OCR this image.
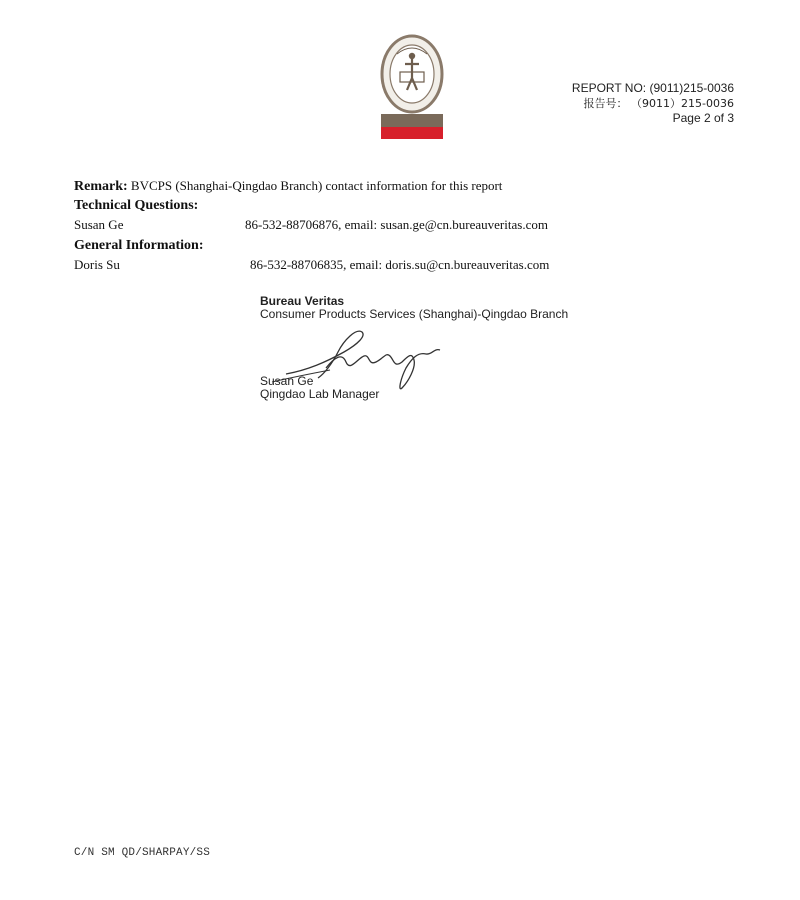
REPORT NO: (9011)215-0036
报告号： （9011）215-0036
Page 2 of 3
Remark: BVCPS (Shanghai-Qingdao Branch) contact information for this report
Technical Questions:
Susan Ge	86-532-88706876, email: susan.ge@cn.bureauveritas.com
General Information:
Doris Su	86-532-88706835, email: doris.su@cn.bureauveritas.com
Bureau Veritas
Consumer Products Services (Shanghai)-Qingdao Branch
Susan Ge
Qingdao Lab Manager
C/N SM QD/SHARPAY/SS
